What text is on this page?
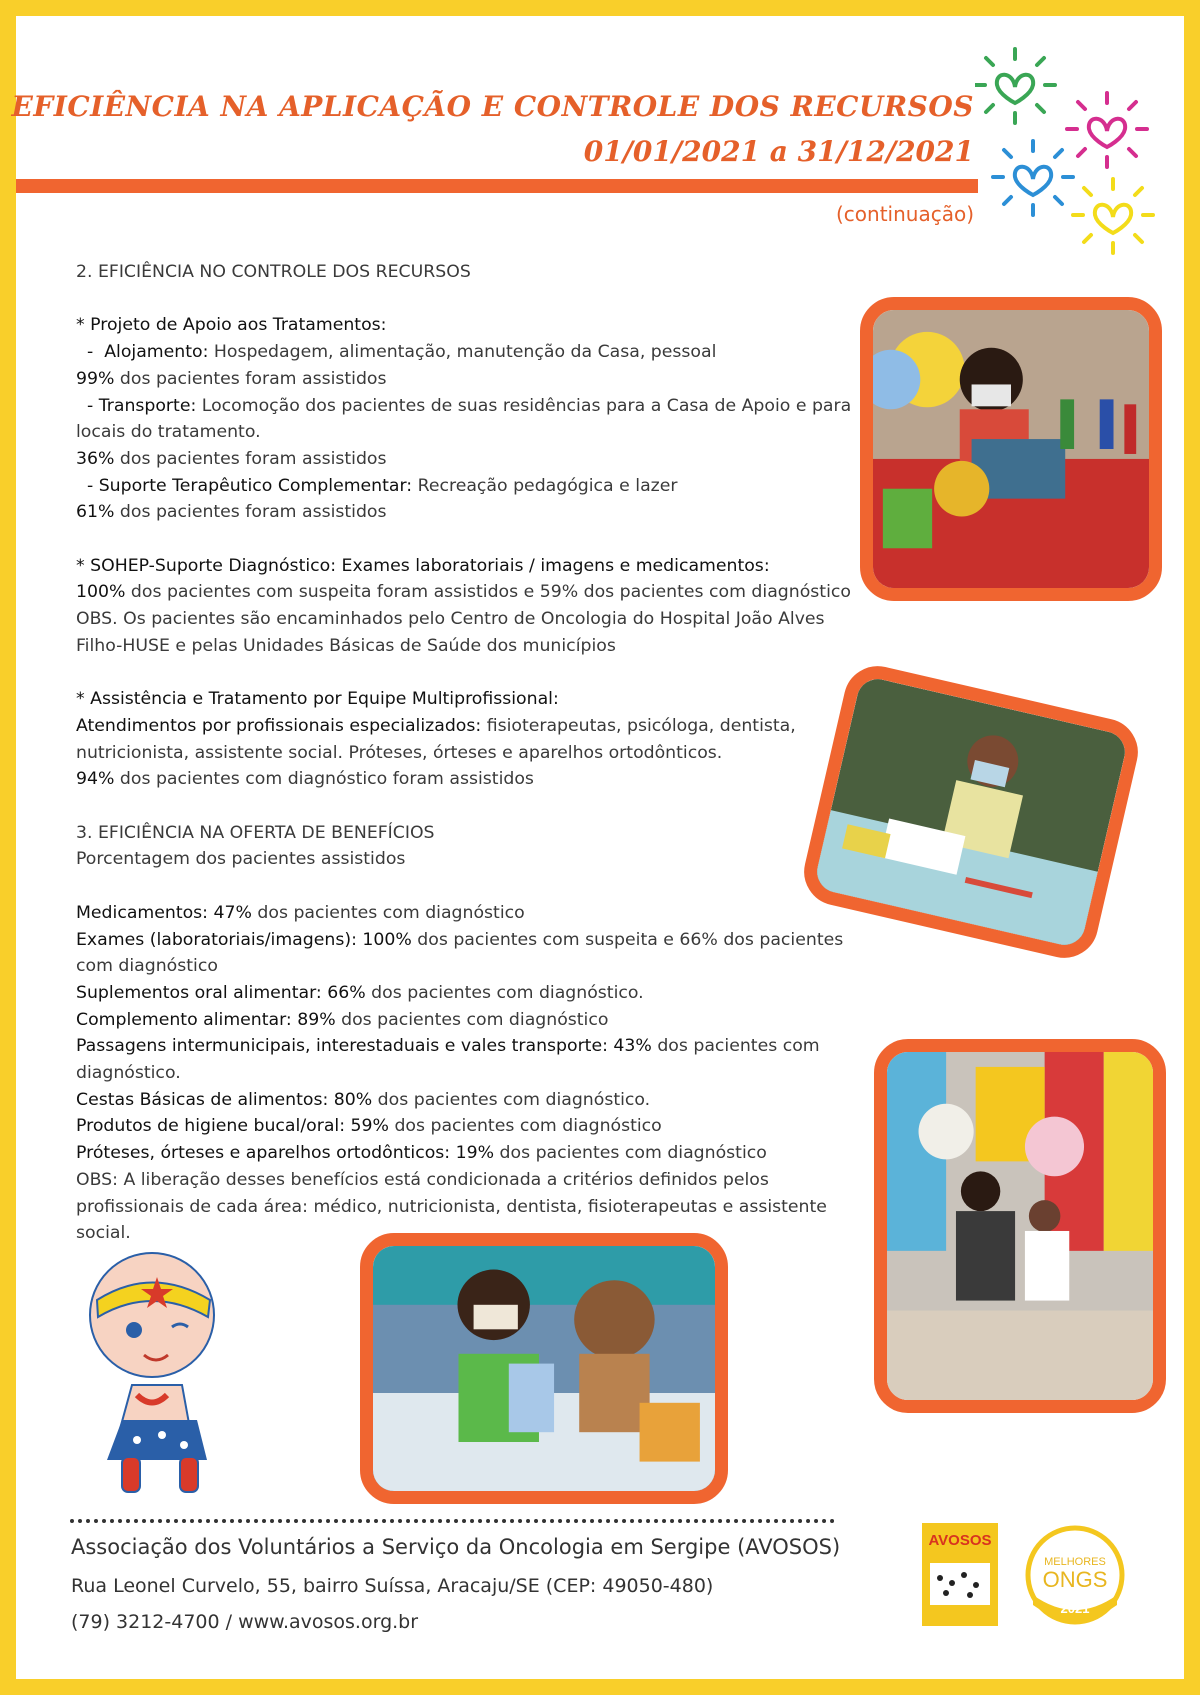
EFICIÊNCIA NA APLICAÇÃO E CONTROLE DOS RECURSOS
01/01/2021 a 31/12/2021
(continuação)

2. EFICIÊNCIA NO CONTROLE DOS RECURSOS

* Projeto de Apoio aos Tratamentos:

-  Alojamento: Hospedagem, alimentação, manutenção da Casa, pessoal

99% dos pacientes foram assistidos

- Transporte: Locomoção dos pacientes de suas residências para a Casa de Apoio e para locais do tratamento.

36% dos pacientes foram assistidos

- Suporte Terapêutico Complementar: Recreação pedagógica e lazer

61% dos pacientes foram assistidos

* SOHEP-Suporte Diagnóstico: Exames laboratoriais / imagens e medicamentos:

100% dos pacientes com suspeita foram assistidos e 59% dos pacientes com diagnóstico

OBS. Os pacientes são encaminhados pelo Centro de Oncologia do Hospital João Alves Filho-HUSE e pelas Unidades Básicas de Saúde dos municípios

* Assistência e Tratamento por Equipe Multiprofissional:

Atendimentos por profissionais especializados: fisioterapeutas, psicóloga, dentista, nutricionista, assistente social. Próteses, órteses e aparelhos ortodônticos.

94% dos pacientes com diagnóstico foram assistidos

3. EFICIÊNCIA NA OFERTA DE BENEFÍCIOS

Porcentagem dos pacientes assistidos

Medicamentos: 47% dos pacientes com diagnóstico

Exames (laboratoriais/imagens): 100% dos pacientes com suspeita e 66% dos pacientes com diagnóstico

Suplementos oral alimentar: 66% dos pacientes com diagnóstico.

Complemento alimentar: 89% dos pacientes com diagnóstico

Passagens intermunicipais, interestaduais e vales transporte: 43% dos pacientes com diagnóstico.

Cestas Básicas de alimentos: 80% dos pacientes com diagnóstico.

Produtos de higiene bucal/oral: 59% dos pacientes com diagnóstico

Próteses, órteses e aparelhos ortodônticos: 19% dos pacientes com diagnóstico

OBS: A liberação desses benefícios está condicionada a critérios definidos pelos profissionais de cada área: médico, nutricionista, dentista, fisioterapeutas e assistente social.

Associação dos Voluntários a Serviço da Oncologia em Sergipe (AVOSOS)
Rua Leonel Curvelo, 55, bairro Suíssa, Aracaju/SE (CEP: 49050-480)
(79) 3212-4700 / www.avosos.org.br
AVOSOS
MELHORES
ONGS
2021
